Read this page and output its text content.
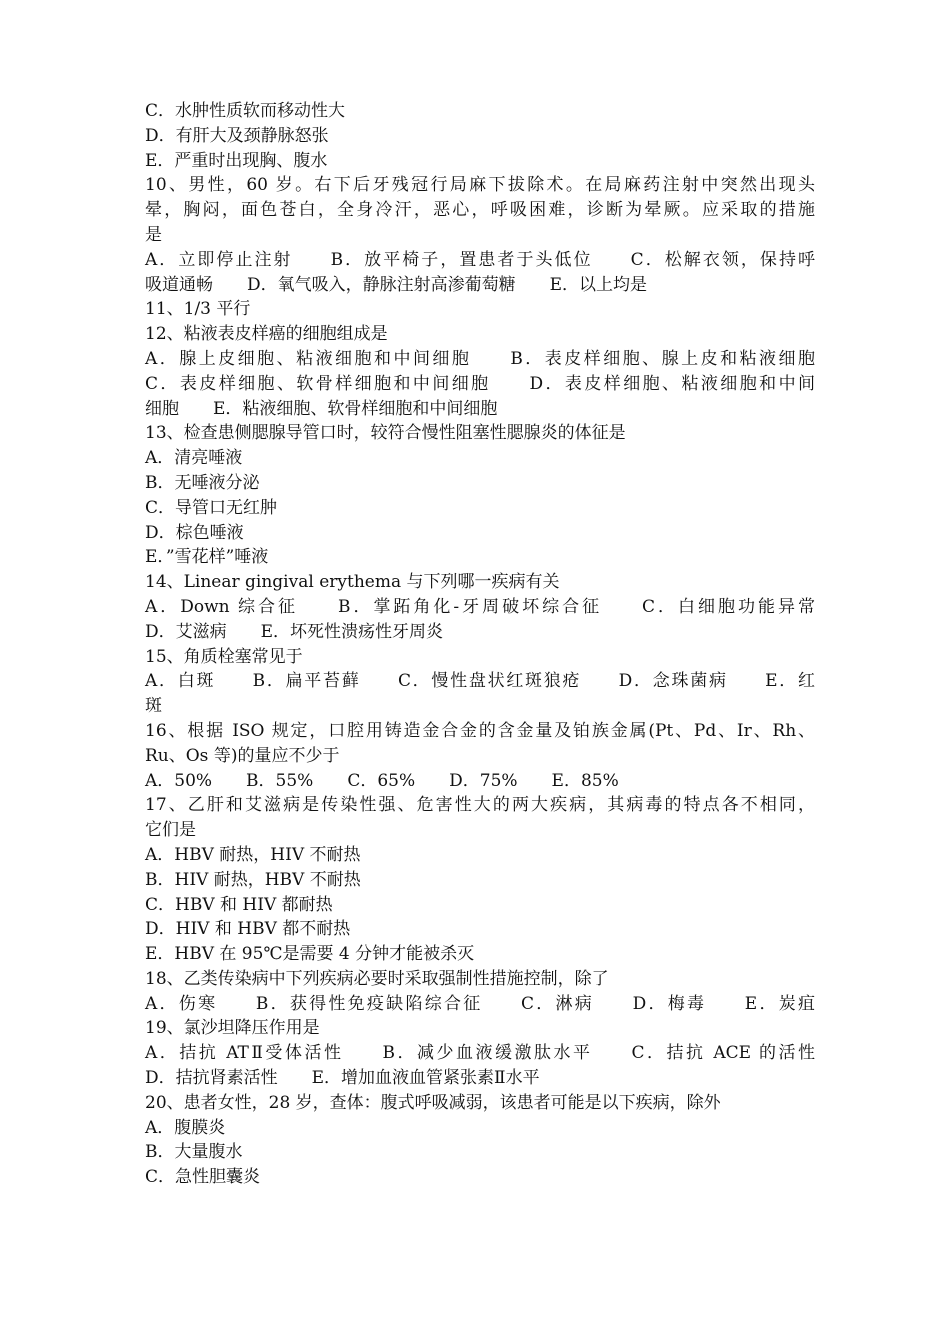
C．水肿性质软而移动性大
D．有肝大及颈静脉怒张
E．严重时出现胸、腹水
10、男性，60 岁。右下后牙残冠行局麻下拔除术。在局麻药注射中突然出现头
晕，胸闷，面色苍白，全身冷汗，恶心，呼吸困难，诊断为晕厥。应采取的措施
是
A．立即停止注射　　B．放平椅子，置患者于头低位　　C．松解衣领，保持呼
吸道通畅　　D．氧气吸入，静脉注射高渗葡萄糖　　E．以上均是
11、1/3 平行
12、粘液表皮样癌的细胞组成是
A．腺上皮细胞、粘液细胞和中间细胞　　B．表皮样细胞、腺上皮和粘液细胞
C．表皮样细胞、软骨样细胞和中间细胞　　D．表皮样细胞、粘液细胞和中间
细胞　　E．粘液细胞、软骨样细胞和中间细胞
13、检查患侧腮腺导管口时，较符合慢性阻塞性腮腺炎的体征是
A．清亮唾液
B．无唾液分泌
C．导管口无红肿
D．棕色唾液
E．”雪花样”唾液
14、Linear gingival erythema 与下列哪一疾病有关
A．Down 综合征　　B．掌跖角化-牙周破坏综合征　　C．白细胞功能异常
D．艾滋病　　E．坏死性溃疡性牙周炎
15、角质栓塞常见于
A．白斑　　B．扁平苔藓　　C．慢性盘状红斑狼疮　　D．念珠菌病　　E．红
斑
16、根据 ISO 规定，口腔用铸造金合金的含金量及铂族金属(Pt、Pd、Ir、Rh、
Ru、Os 等)的量应不少于
A．50%　　B．55%　　C．65%　　D．75%　　E．85%
17、乙肝和艾滋病是传染性强、危害性大的两大疾病，其病毒的特点各不相同，
它们是
A．HBV 耐热，HIV 不耐热
B．HIV 耐热，HBV 不耐热
C．HBV 和 HIV 都耐热
D．HIV 和 HBV 都不耐热
E．HBV 在 95℃是需要 4 分钟才能被杀灭
18、乙类传染病中下列疾病必要时采取强制性措施控制，除了
A．伤寒　　B．获得性免疫缺陷综合征　　C．淋病　　D．梅毒　　E．炭疽
19、氯沙坦降压作用是
A．拮抗 ATⅡ受体活性　　B．减少血液缓激肽水平　　C．拮抗 ACE 的活性
D．拮抗肾素活性　　E．增加血液血管紧张素Ⅱ水平
20、患者女性，28 岁，查体：腹式呼吸减弱，该患者可能是以下疾病，除外
A．腹膜炎
B．大量腹水
C．急性胆囊炎
